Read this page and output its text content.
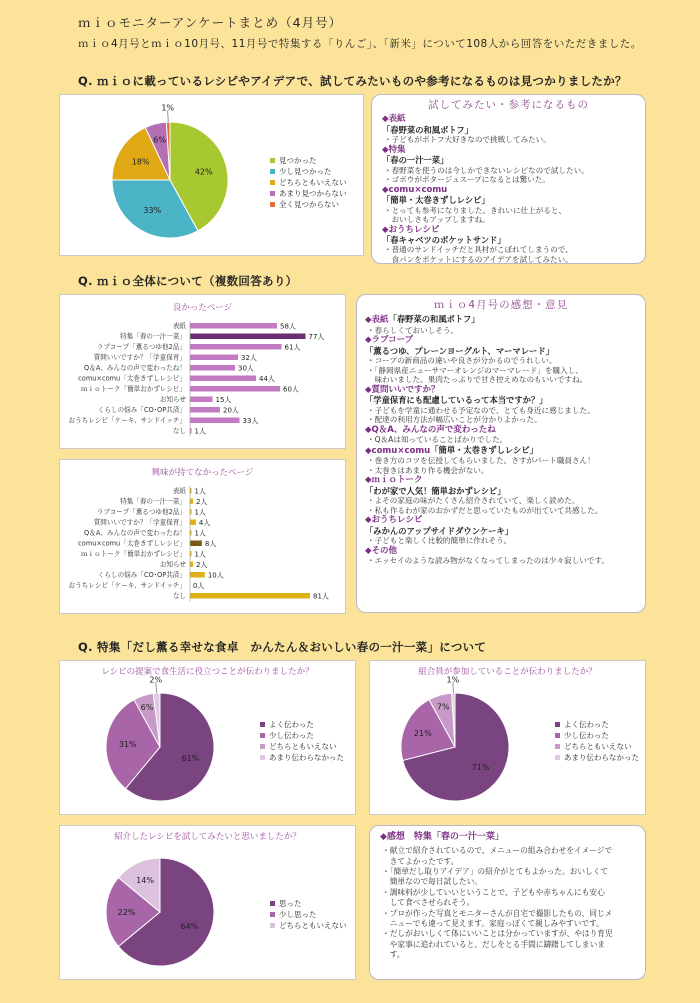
ｍｉｏモニターアンケートまとめ（4月号）
ｍｉｏ4月号とｍｉｏ10月号、11月号で特集する「りんご」、「新米」について108人から回答をいただきました。
Q. ｍｉｏに載っているレシピやアイデアで、試してみたいものや参考になるものは見つかりましたか？
42%
33%
18%
6%
1%
見つかった
少し見つかった
どちらともいえない
あまり見つからない
全く見つからない
試してみたい・参考になるもの
◆表紙
「春野菜の和風ポトフ」
・子どもがポトフ大好きなので挑戦してみたい。
◆特集
「春の一汁一菜」
・春野菜を使うのは今しかできないレシピなので試したい。
・ゴボウがポタージュスープになるとは驚いた。
◆comu×comu
「簡単・太巻きずしレシピ」
・とっても参考になりました。きれいに仕上がると、
　おいしさもアップしますね。
◆おうちレシピ
「春キャベツのポケットサンド」
・普通のサンドイッチだと具材がこぼれてしまうので、
　食パンをポケットにするのアイデアを試してみたい。
Q. ｍｉｏ全体について（複数回答あり）
良かったページ
表紙	58人
特集「春の一汁一菜」	77人
ラブコープ「薫るつゆ他2品」	61人
質問いいですか？「学童保育」	32人
Q＆A、みんなの声で変わったね！	30人
comu×comu「太巻きずしレシピ」	44人
ｍｉｏトーク「簡単おかずレシピ」	60人
お知らせ	15人
くらしの悩み「CO･OP共済」	20人
おうちレシピ「ケーキ、サンドイッチ」	33人
なし 1人
興味が持てなかったページ
表紙 1人
特集「春の一汁一菜」 2人
ラブコープ「薫るつゆ他2品」 1人
質問いいですか？「学童保育」 4人
Q＆A、みんなの声で変わったね！ 1人
comu×comu「太巻きずしレシピ」	8人
ｍｉｏトーク「簡単おかずレシピ」 1人
お知らせ 2人
くらしの悩み「CO･OP共済」	10人
おうちレシピ「ケーキ、サンドイッチ」 0人
なし	81人
ｍｉｏ4月号の感想・意見
◆表紙「春野菜の和風ポトフ」
・春らしくておいしそう。
◆ラブコープ
「薫るつゆ、プレーンヨーグルト、マーマレード」
・コープの新商品の違いや良さが分かるのでうれしい。
・「静岡県産ニューサマーオレンジのマーマレード」を購入し、
　味わいました。果肉たっぷりで甘さ控えめなのもいいですね。
◆質問いいですか？
「学童保育にも配慮しているって本当ですか？」
・子どもを学童に通わせる予定なので、とても身近に感じました。
・配達の利用方法が幅広いことが分かりよかった。
◆Q＆A、みんなの声で変わったね
・Q＆Aは知っていることばかりでした。
◆comu×comu「簡単・太巻きずしレシピ」
・巻き方のコツを伝授してもらいました。さすがパート職員さん！
・太巻きはあまり作る機会がない。
◆ｍｉｏトーク
「わが家で人気！簡単おかずレシピ」
・よその家庭の味がたくさん紹介されていて、楽しく読めた。
・私も作るわが家のおかずだと思っていたものが出ていて共感した。
◆おうちレシピ
「みかんのアップサイドダウンケーキ」
・子どもと楽しく比較的簡単に作れそう。
◆その他
・エッセイのような読み物がなくなってしまったのは少々寂しいです。
Q. 特集「だし薫る幸せな食卓　かんたん＆おいしい春の一汁一菜」について
レシピの提案で食生活に役立つことが伝わりましたか？
61%
31%
6%
2%
よく伝わった
少し伝わった
どちらともいえない
あまり伝わらなかった
組合員が参加していることが伝わりましたか？
71%
21%
7%
1%
よく伝わった
少し伝わった
どちらともいえない
あまり伝わらなかった
紹介したレシピを試してみたいと思いましたか？
64%
22%
14%
思った
少し思った
どちらともいえない
◆感想　特集「春の一汁一菜」
・献立で紹介されているので、メニューの組み合わせをイメージで
　きてよかったです。
・「簡単だし取りアイデア」の紹介がとてもよかった。おいしくて
　簡単なので毎日試したい。
・調味料が少していいということで、子どもや赤ちゃんにも安心
　して食べさせられそう。
・プロが作った写真とモニターさんが自宅で撮影したもの、同じメ
　ニューでも違って見えます。家庭っぽくて親しみやすいです。
・だしがおいしくて体にいいことは分かっていますが、やはり育児
　や家事に追われていると、だしをとる手間に躊躇してしまいま
　す。
